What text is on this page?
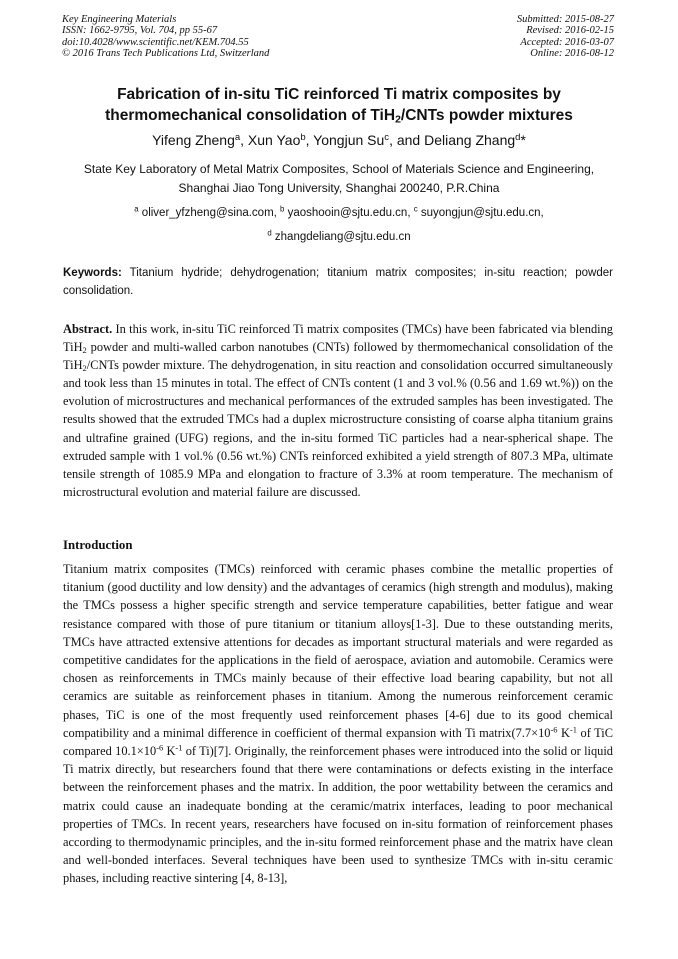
Key Engineering Materials
ISSN: 1662-9795, Vol. 704, pp 55-67
doi:10.4028/www.scientific.net/KEM.704.55
© 2016 Trans Tech Publications Ltd, Switzerland
Submitted: 2015-08-27
Revised: 2016-02-15
Accepted: 2016-03-07
Online: 2016-08-12
Fabrication of in-situ TiC reinforced Ti matrix composites by
thermomechanical consolidation of TiH$_2$/CNTs powder mixtures
Yifeng Zheng$^a$, Xun Yao$^b$, Yongjun Su$^c$, and Deliang Zhang$^d$*
State Key Laboratory of Metal Matrix Composites, School of Materials Science and Engineering,
Shanghai Jiao Tong University, Shanghai 200240, P.R.China
$^a$ oliver_yfzheng@sina.com, $^b$ yaoshooin@sjtu.edu.cn, $^c$ suyongjun@sjtu.edu.cn,
$^d$ zhangdeliang@sjtu.edu.cn
Keywords: Titanium hydride; dehydrogenation; titanium matrix composites; in-situ reaction; powder consolidation.
Abstract. In this work, in-situ TiC reinforced Ti matrix composites (TMCs) have been fabricated via blending TiH$_2$ powder and multi-walled carbon nanotubes (CNTs) followed by thermomechanical consolidation of the TiH$_2$/CNTs powder mixture. The dehydrogenation, in situ reaction and consolidation occurred simultaneously and took less than 15 minutes in total. The effect of CNTs content (1 and 3 vol.% (0.56 and 1.69 wt.%)) on the evolution of microstructures and mechanical performances of the extruded samples has been investigated. The results showed that the extruded TMCs had a duplex microstructure consisting of coarse alpha titanium grains and ultrafine grained (UFG) regions, and the in-situ formed TiC particles had a near-spherical shape. The extruded sample with 1 vol.% (0.56 wt.%) CNTs reinforced exhibited a yield strength of 807.3 MPa, ultimate tensile strength of 1085.9 MPa and elongation to fracture of 3.3% at room temperature. The mechanism of microstructural evolution and material failure are discussed.
Introduction
Titanium matrix composites (TMCs) reinforced with ceramic phases combine the metallic properties of titanium (good ductility and low density) and the advantages of ceramics (high strength and modulus), making the TMCs possess a higher specific strength and service temperature capabilities, better fatigue and wear resistance compared with those of pure titanium or titanium alloys[1-3]. Due to these outstanding merits, TMCs have attracted extensive attentions for decades as important structural materials and were regarded as competitive candidates for the applications in the field of aerospace, aviation and automobile. Ceramics were chosen as reinforcements in TMCs mainly because of their effective load bearing capability, but not all ceramics are suitable as reinforcement phases in titanium. Among the numerous reinforcement ceramic phases, TiC is one of the most frequently used reinforcement phases [4-6] due to its good chemical compatibility and a minimal difference in coefficient of thermal expansion with Ti $matrix(7.7\times 10^{-6}$ $K^{-1}$ of TiC compared $10.1\times 10^{-6}$ $K^{-1}$ of Ti)[7]. Originally, the reinforcement phases were introduced into the solid or liquid Ti matrix directly, but researchers found that there were contaminations or defects existing in the interface between the reinforcement phases and the matrix. In addition, the poor wettability between the ceramics and matrix could cause an inadequate bonding at the ceramic/matrix interfaces, leading to poor mechanical properties of TMCs. In recent years, researchers have focused on in-situ formation of reinforcement phases according to thermodynamic principles, and the in-situ formed reinforcement phase and the matrix have clean and well-bonded interfaces. Several techniques have been used to synthesize TMCs with in-situ ceramic phases, including reactive sintering [4, 8-13],
